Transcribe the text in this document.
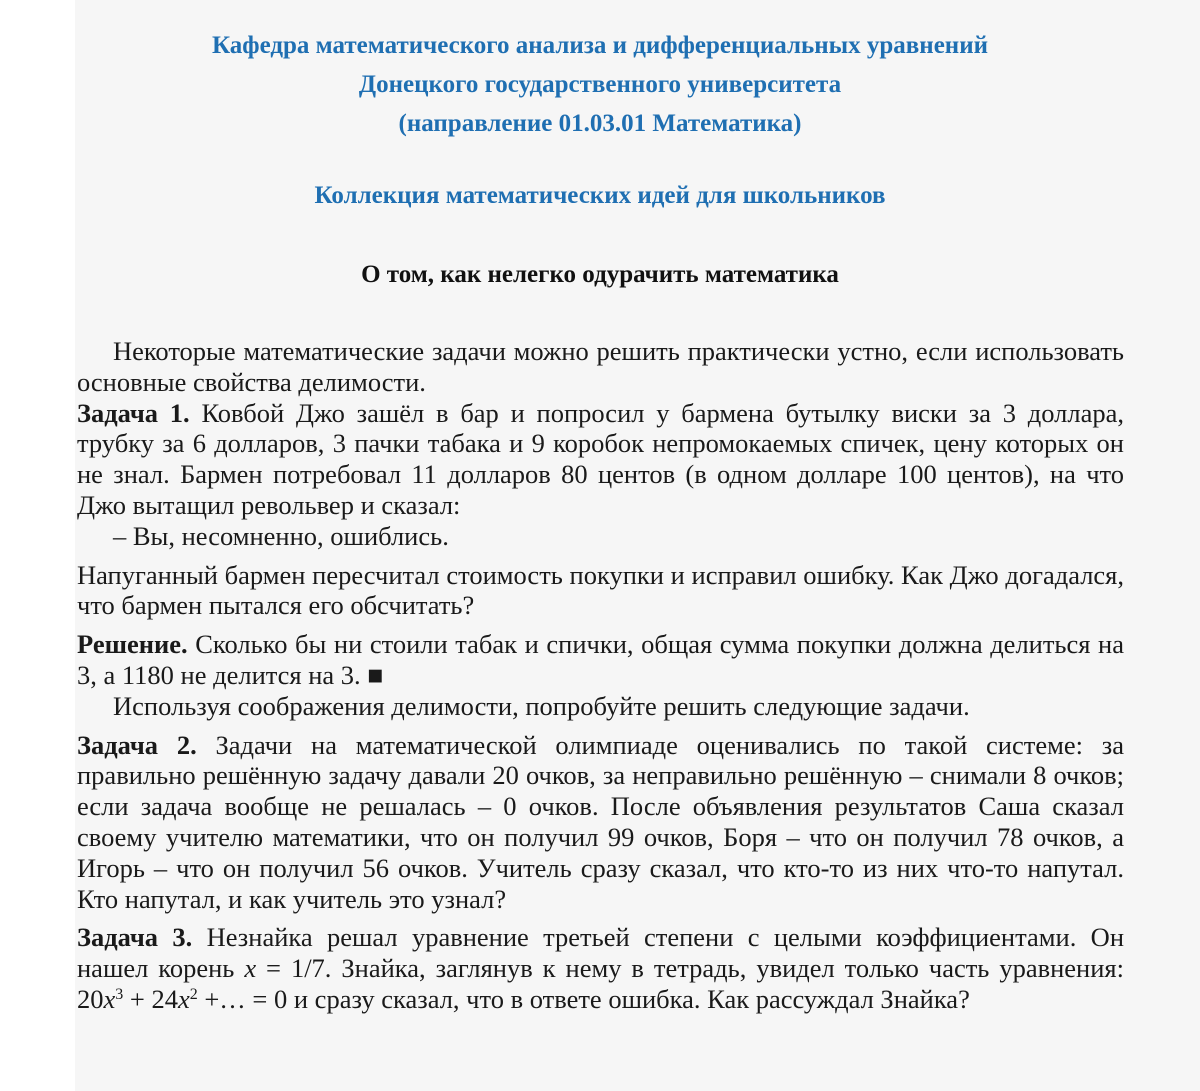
Кафедра математического анализа и дифференциальных уравнений
Донецкого государственного университета
(направление 01.03.01 Математика)
Коллекция математических идей для школьников
О том, как нелегко одурачить математика

Некоторые математические задачи можно решить практически устно, если использовать основные свойства делимости.

Задача 1. Ковбой Джо зашёл в бар и попросил у бармена бутылку виски за 3 доллара, трубку за 6 долларов, 3 пачки табака и 9 коробок непромокаемых спичек, цену которых он не знал. Бармен потребовал 11 долларов 80 центов (в одном долларе 100 центов), на что Джо вытащил револьвер и сказал:

– Вы, несомненно, ошиблись.

Напуганный бармен пересчитал стоимость покупки и исправил ошибку. Как Джо догадался, что бармен пытался его обсчитать?

Решение. Сколько бы ни стоили табак и спички, общая сумма покупки должна делиться на 3, а 1180 не делится на 3. ■

Используя соображения делимости, попробуйте решить следующие задачи.

Задача 2. Задачи на математической олимпиаде оценивались по такой системе: за правильно решённую задачу давали 20 очков, за неправильно решённую – снимали 8 очков; если задача вообще не решалась – 0 очков. После объявления результатов Саша сказал своему учителю математики, что он получил 99 очков, Боря – что он получил 78 очков, а Игорь – что он получил 56 очков. Учитель сразу сказал, что кто-то из них что-то напутал. Кто напутал, и как учитель это узнал?

Задача 3. Незнайка решал уравнение третьей степени с целыми коэффициентами. Он нашел корень x = 1/7. Знайка, заглянув к нему в тетрадь, увидел только часть уравнения: $20x^3 + 24x^2$ +… = 0 и сразу сказал, что в ответе ошибка. Как рассуждал Знайка?
